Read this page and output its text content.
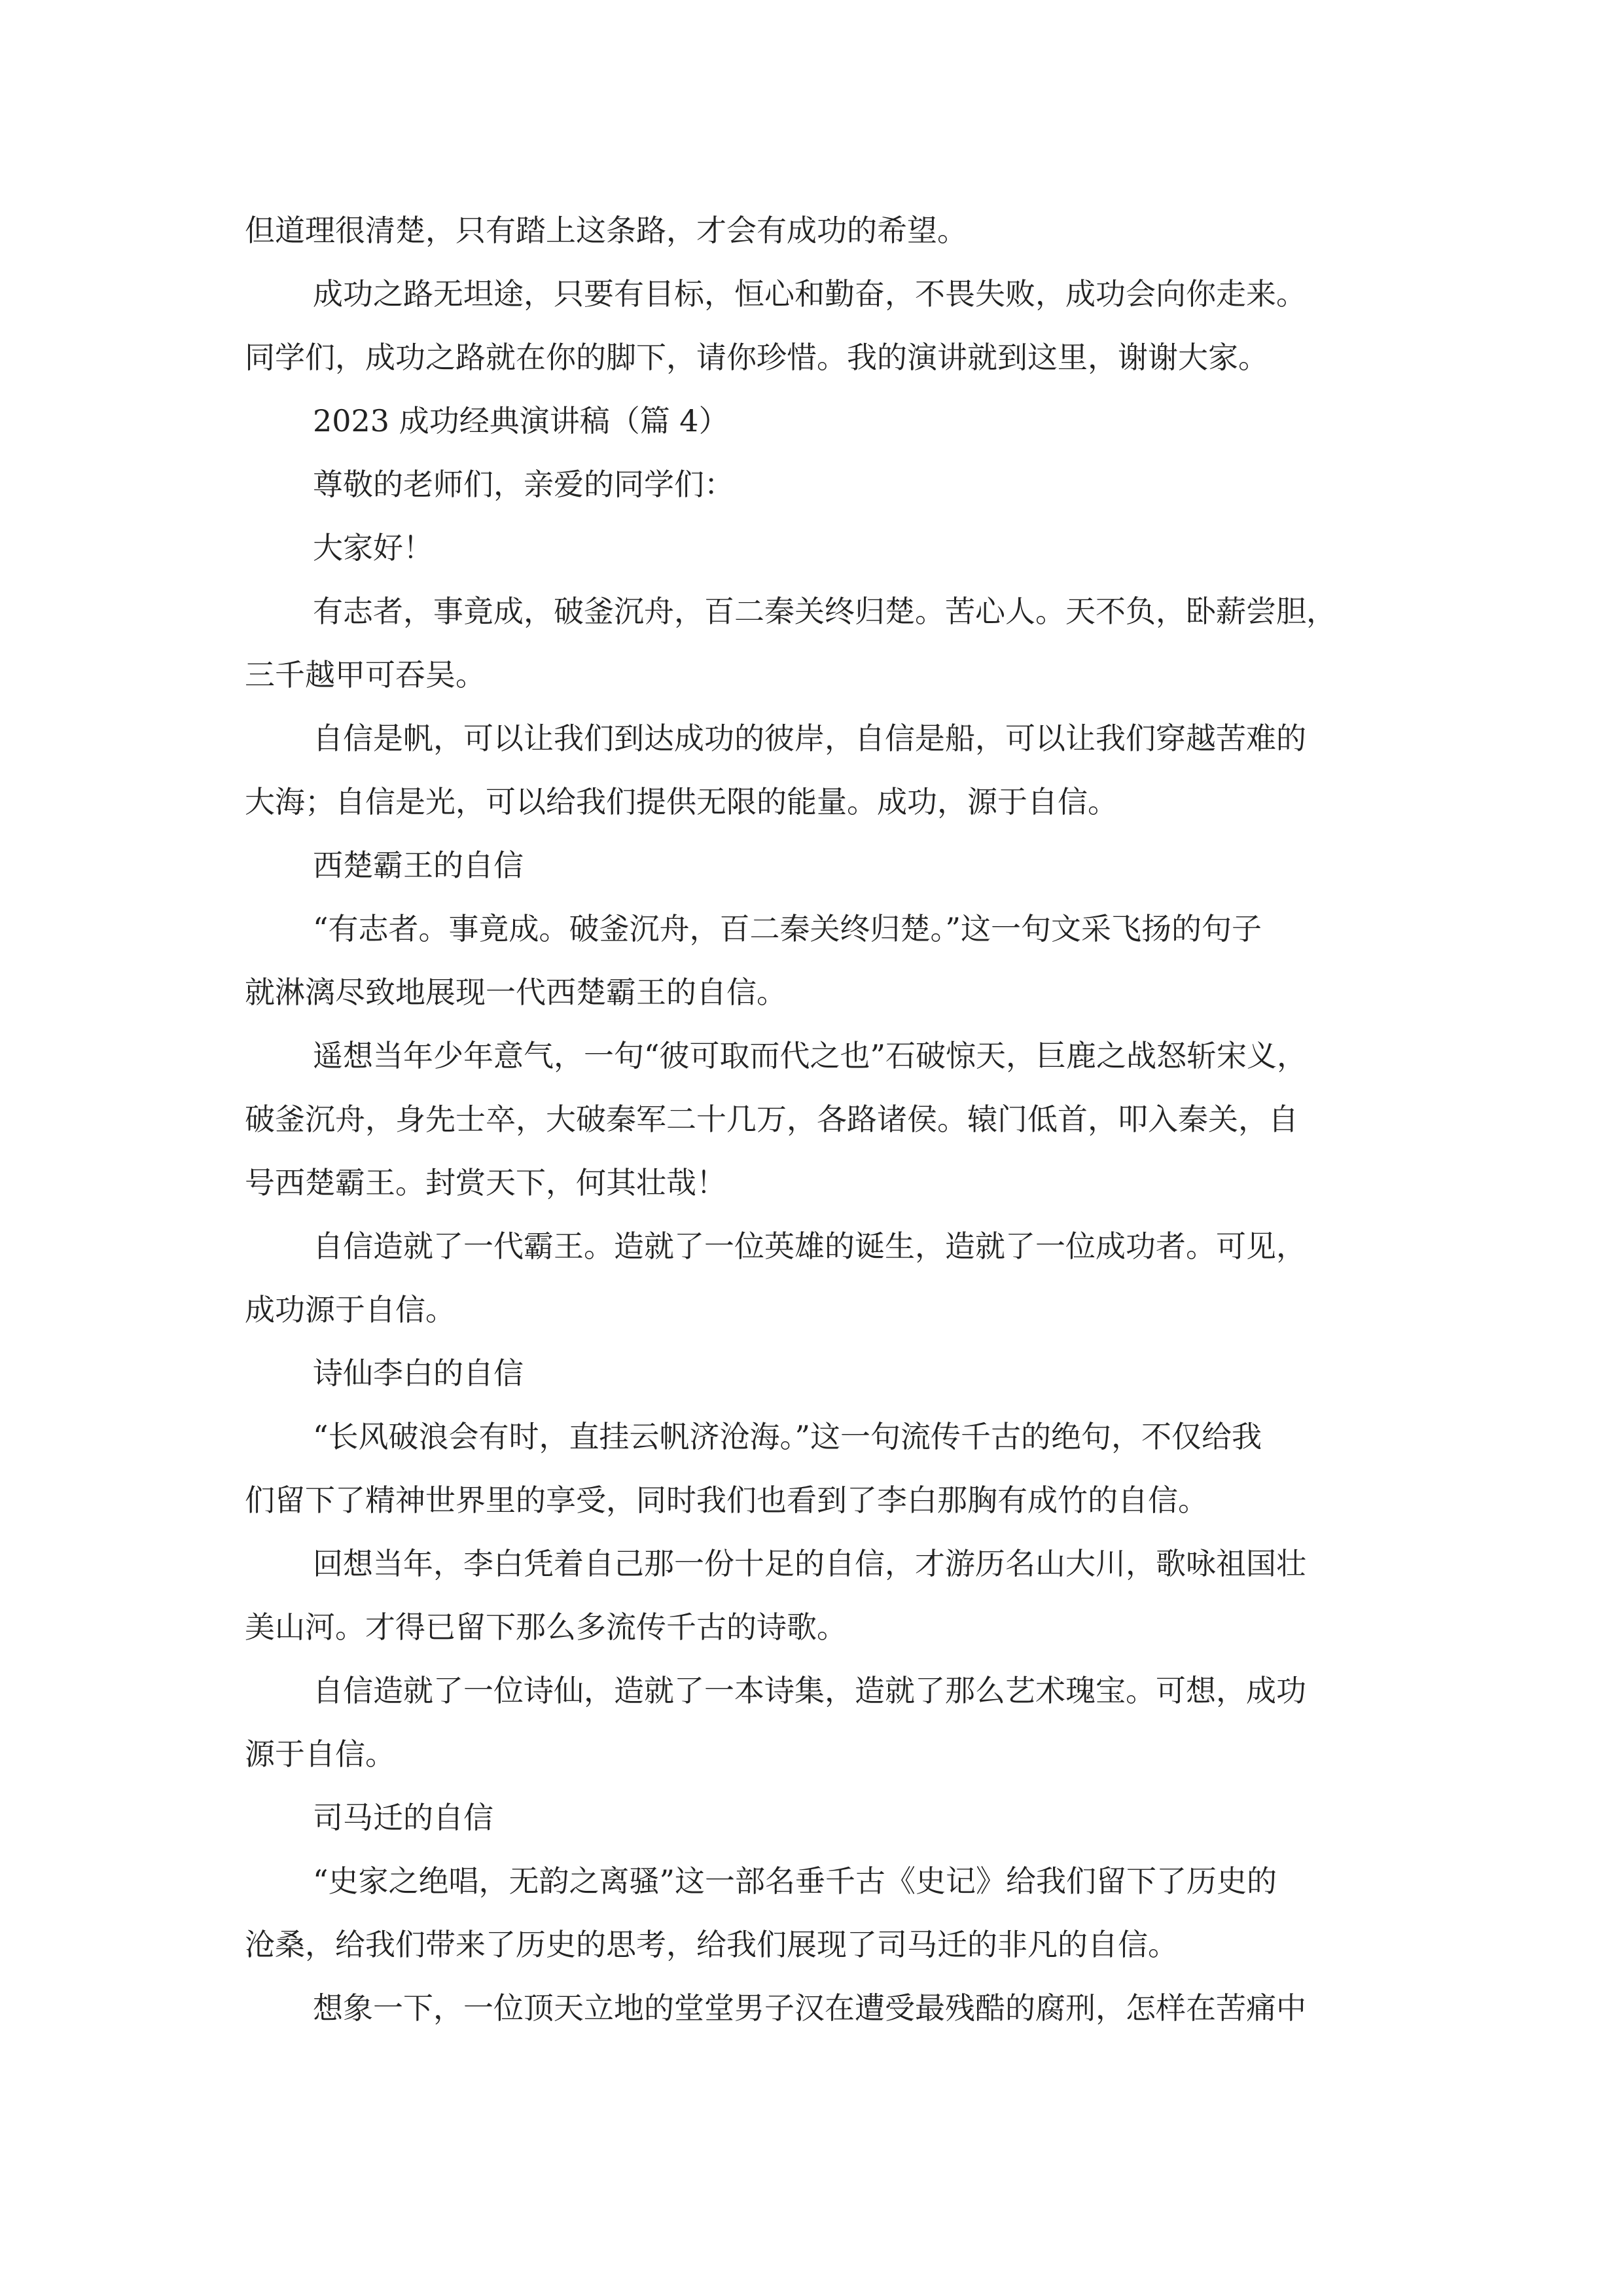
但道理很清楚，只有踏上这条路，才会有成功的希望。

成功之路无坦途，只要有目标，恒心和勤奋，不畏失败，成功会向你走来。

同学们，成功之路就在你的脚下，请你珍惜。我的演讲就到这里，谢谢大家。

2023 成功经典演讲稿（篇 4）

尊敬的老师们，亲爱的同学们：

大家好！

有志者，事竟成，破釜沉舟，百二秦关终归楚。苦心人。天不负，卧薪尝胆，

三千越甲可吞吴。

自信是帆，可以让我们到达成功的彼岸，自信是船，可以让我们穿越苦难的

大海；自信是光，可以给我们提供无限的能量。成功，源于自信。

西楚霸王的自信

“有志者。事竟成。破釜沉舟，百二秦关终归楚。”这一句文采飞扬的句子

就淋漓尽致地展现一代西楚霸王的自信。

遥想当年少年意气，一句“彼可取而代之也”石破惊天，巨鹿之战怒斩宋义，

破釜沉舟，身先士卒，大破秦军二十几万，各路诸侯。辕门低首，叩入秦关，自

号西楚霸王。封赏天下，何其壮哉！

自信造就了一代霸王。造就了一位英雄的诞生，造就了一位成功者。可见，

成功源于自信。

诗仙李白的自信

“长风破浪会有时，直挂云帆济沧海。”这一句流传千古的绝句，不仅给我

们留下了精神世界里的享受，同时我们也看到了李白那胸有成竹的自信。

回想当年，李白凭着自己那一份十足的自信，才游历名山大川，歌咏祖国壮

美山河。才得已留下那么多流传千古的诗歌。

自信造就了一位诗仙，造就了一本诗集，造就了那么艺术瑰宝。可想，成功

源于自信。

司马迁的自信

“史家之绝唱，无韵之离骚”这一部名垂千古《史记》给我们留下了历史的

沧桑，给我们带来了历史的思考，给我们展现了司马迁的非凡的自信。

想象一下，一位顶天立地的堂堂男子汉在遭受最残酷的腐刑，怎样在苦痛中
